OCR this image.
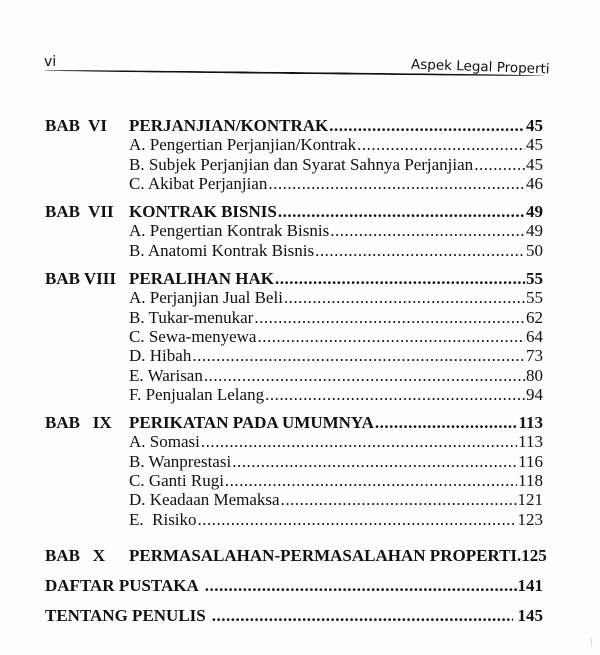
vi	Aspek Legal Properti
BAB  VI	PERJANJIAN/KONTRAK .....	45
A. Pengertian Perjanjian/Kontrak .....	45
B. Subjek Perjanjian dan Syarat Sahnya Perjanjian .....	45
C. Akibat Perjanjian .....	46
BAB  VII KONTRAK BISNIS .....	49
A. Pengertian Kontrak Bisnis .....	49
B. Anatomi Kontrak Bisnis .....	50
BAB VIII PERALIHAN HAK .....	55
A. Perjanjian Jual Beli .....	55
B. Tukar-menukar .....	62
C. Sewa-menyewa .....	64
D. Hibah .....	73
E. Warisan .....	80
F. Penjualan Lelang .....	94
BAB   IX	PERIKATAN PADA UMUMNYA .....	113
A. Somasi .....	113
B. Wanprestasi .....	116
C. Ganti Rugi .....	118
D. Keadaan Memaksa .....	121
E.  Risiko .....	123
BAB   X	PERMASALAHAN-PERMASALAHAN PROPERTI. 125
DAFTAR PUSTAKA .....	141
TENTANG PENULIS .....	145
